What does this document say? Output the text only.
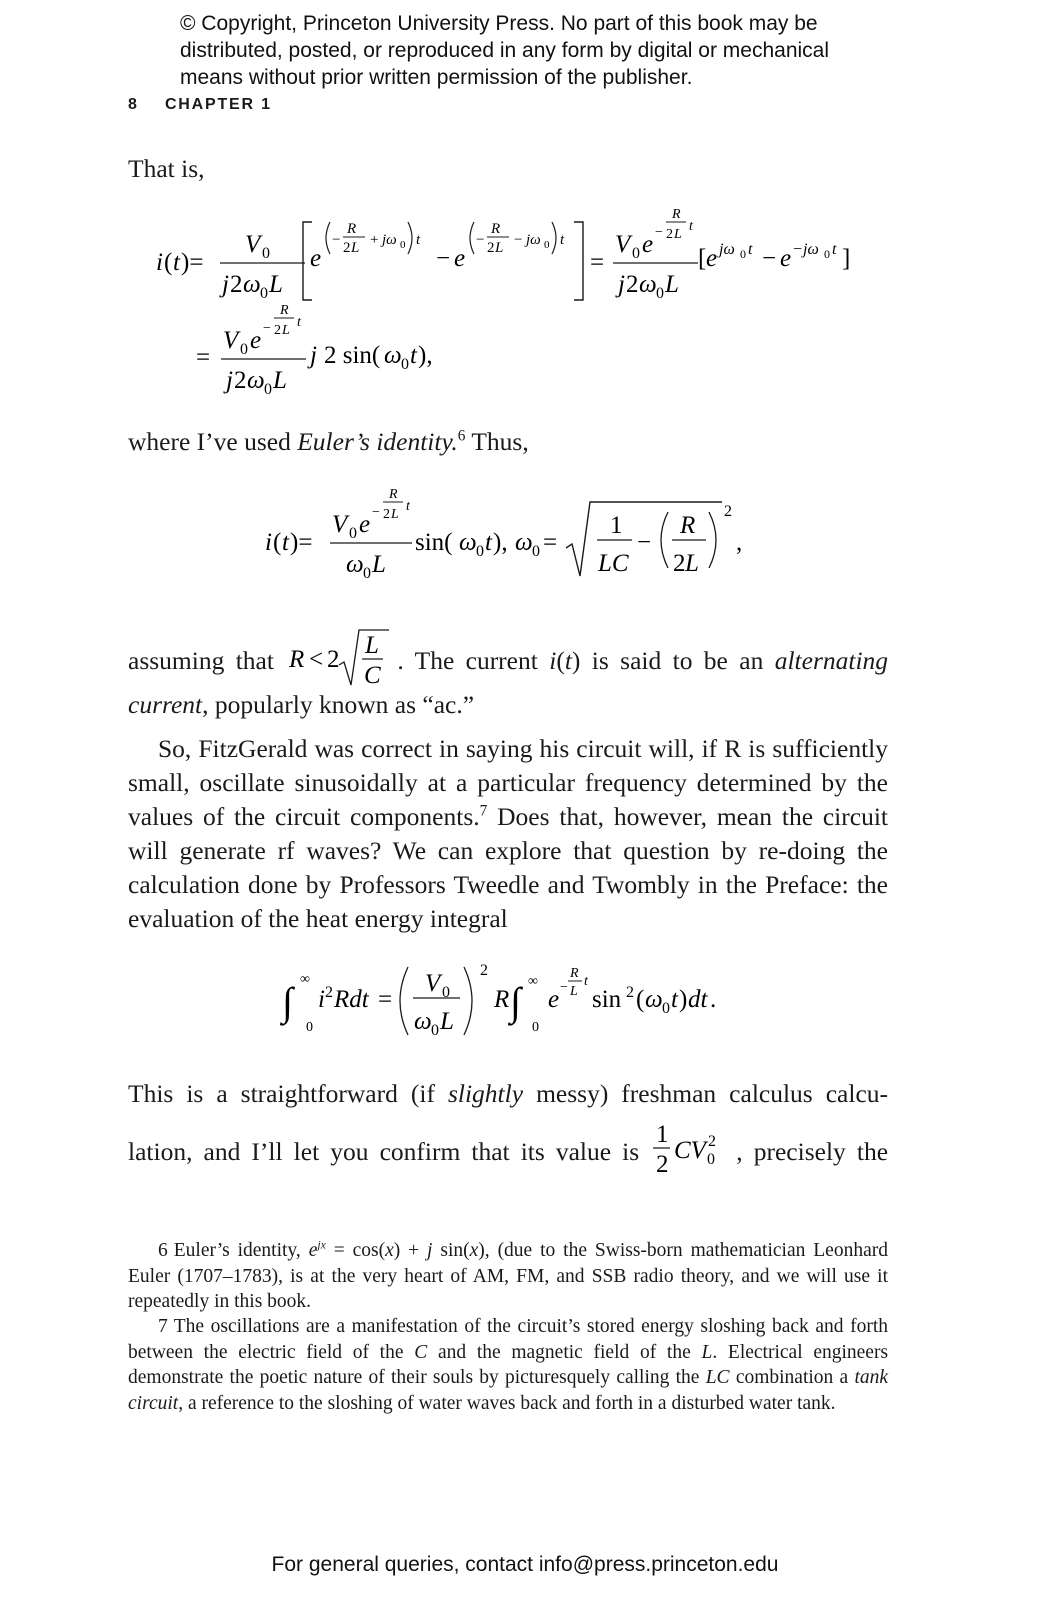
© Copyright, Princeton University Press. No part of this book may be
distributed, posted, or reproduced in any form by digital or mechanical
means without prior written permission of the publisher.
8 CHAPTER 1
That is,
i ( t )=
V 0
j 2 ω 0 L
e
−
R
2 L + jω 0 t
− e
−
R
2 L − jω 0 t
=
V 0 e −
R
2 L
t
j 2 ω 0 L
[ e jω 0 t − e − jω 0 t ]
=
V 0 e −
R
2 L
t
j 2 ω 0 L
j 2 sin( ω 0 t ),
where I’ve used Euler’s identity.$^6$ Thus,
i ( t )=
V 0 e −
R
2 L
t
ω 0 L
sin( ω 0 t ), ω 0 =
1
LC
−
R
2 L
2
,
assuming that R < 2
L
C
. The current i(t) is said to be an alternating current, popularly known as “ac.”
So, FitzGerald was correct in saying his circuit will, if R is sufficiently small, oscillate sinusoidally at a particular frequency determined by the values of the circuit components.$^7$ Does that, however, mean the circuit will generate rf waves? We can explore that question by re-doing the calculation done by Professors Tweedle and Twombly in the Preface: the evaluation of the heat energy integral
∫ ∞
0
i 2 Rdt =
V 0
ω 0 L
2
R ∫ ∞
0
e −
R
L
t
sin 2 ( ω 0 t ) dt .
This is a straightforward (if slightly messy) freshman calculus calcu-
lation, and I’ll let you confirm that its value is
1
2
CV 0
2 , precisely the
6 Euler’s identity, $e^{jx} = \cos(x) + j$ sin(x), (due to the Swiss-born mathematician Leonhard Euler (1707–1783), is at the very heart of AM, FM, and SSB radio theory, and we will use it repeatedly in this book.
7 The oscillations are a manifestation of the circuit’s stored energy sloshing back and forth between the electric field of the C and the magnetic field of the L. Electrical engineers demonstrate the poetic nature of their souls by picturesquely calling the LC combination a tank circuit, a reference to the sloshing of water waves back and forth in a disturbed water tank.
For general queries, contact info@press.princeton.edu
